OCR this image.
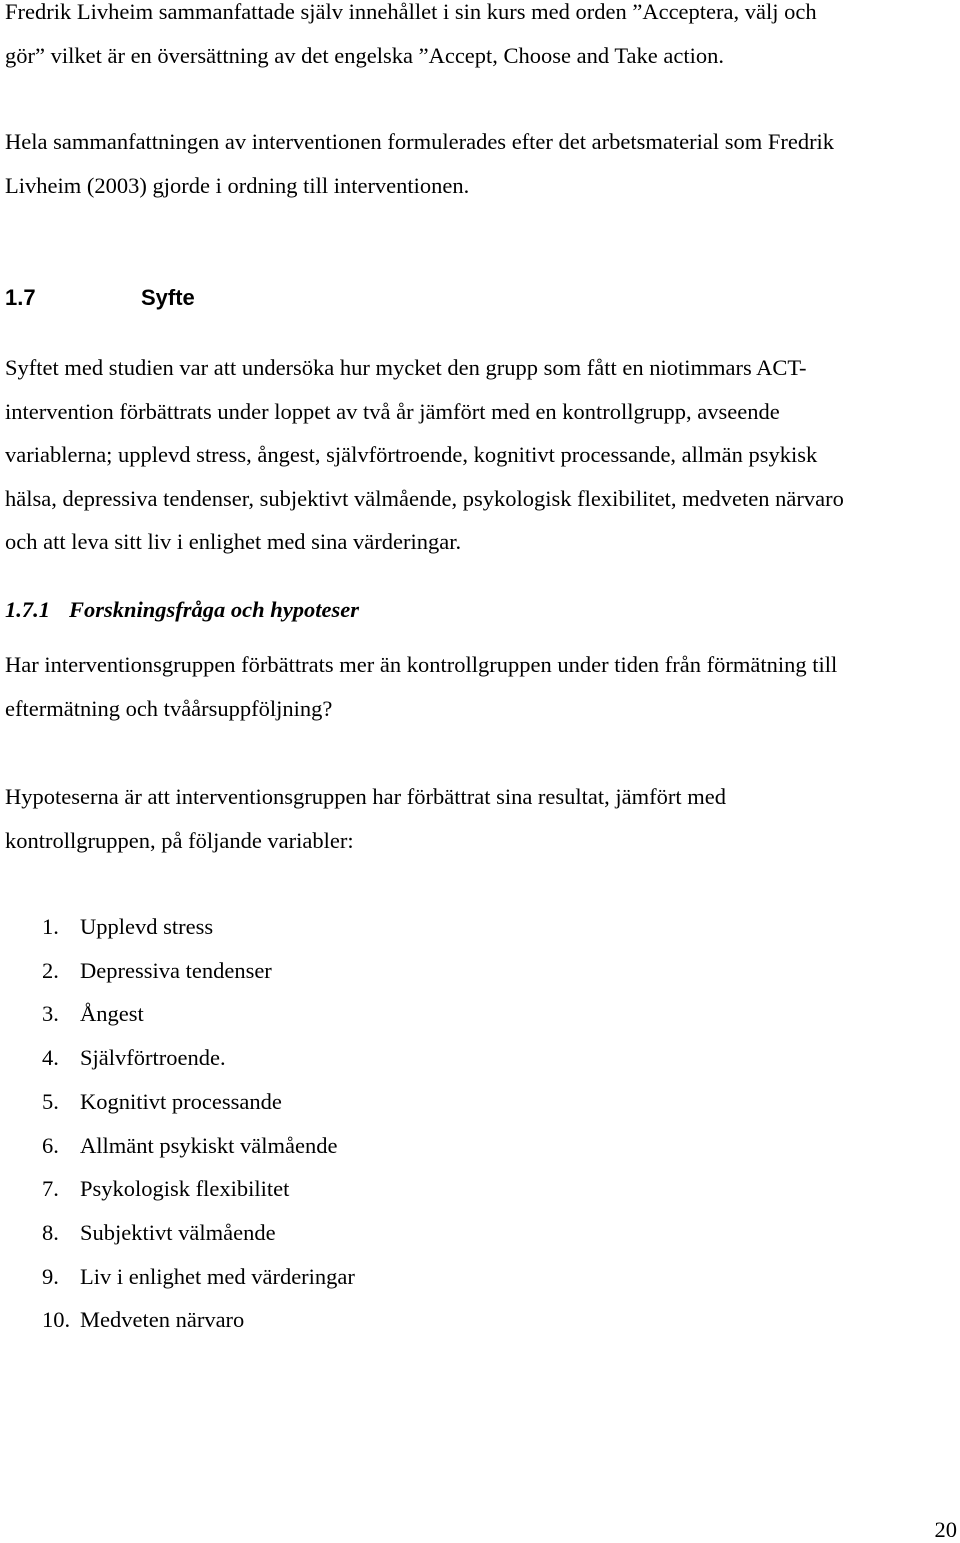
Fredrik Livheim sammanfattade själv innehållet i sin kurs med orden ”Acceptera, välj och
gör” vilket är en översättning av det engelska ”Accept, Choose and Take action.

Hela sammanfattningen av interventionen formulerades efter det arbetsmaterial som Fredrik
Livheim (2003) gjorde i ordning till interventionen.

1.7	Syfte

Syftet med studien var att undersöka hur mycket den grupp som fått en niotimmars ACT-
intervention förbättrats under loppet av två år jämfört med en kontrollgrupp, avseende
variablerna; upplevd stress, ångest, självförtroende, kognitivt processande, allmän psykisk
hälsa, depressiva tendenser, subjektivt välmående, psykologisk flexibilitet, medveten närvaro
och att leva sitt liv i enlighet med sina värderingar.

1.7.1 Forskningsfråga och hypoteser

Har interventionsgruppen förbättrats mer än kontrollgruppen under tiden från förmätning till
eftermätning och tvåårsuppföljning?

Hypoteserna är att interventionsgruppen har förbättrat sina resultat, jämfört med
kontrollgruppen, på följande variabler:

1. Upplevd stress
2. Depressiva tendenser
3. Ångest
4. Självförtroende.
5. Kognitivt processande
6. Allmänt psykiskt välmående
7. Psykologisk flexibilitet
8. Subjektivt välmående
9. Liv i enlighet med värderingar
10. Medveten närvaro
20
